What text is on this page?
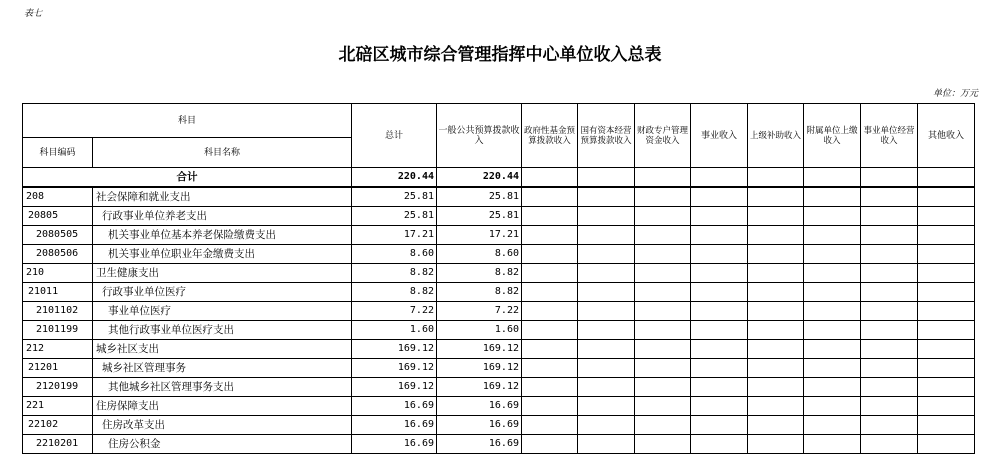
表七
北碚区城市综合管理指挥中心单位收入总表
单位：万元
科目		总计	一般公共预算拨款收入	政府性基金预算拨款收入	国有资本经营预算拨款收入	财政专户管理资金收入	事业收入	上级补助收入	附属单位上缴收入	事业单位经营收入	其他收入
科目编码	科目名称										
合计		220.44	220.44								
208	社会保障和就业支出	25.81	25.81								
20805	行政事业单位养老支出	25.81	25.81								
2080505	机关事业单位基本养老保险缴费支出	17.21	17.21								
2080506	机关事业单位职业年金缴费支出	8.60	8.60								
210	卫生健康支出	8.82	8.82								
21011	行政事业单位医疗	8.82	8.82								
2101102	事业单位医疗	7.22	7.22								
2101199	其他行政事业单位医疗支出	1.60	1.60								
212	城乡社区支出	169.12	169.12								
21201	城乡社区管理事务	169.12	169.12								
2120199	其他城乡社区管理事务支出	169.12	169.12								
221	住房保障支出	16.69	16.69								
22102	住房改革支出	16.69	16.69								
2210201	住房公积金	16.69	16.69								
